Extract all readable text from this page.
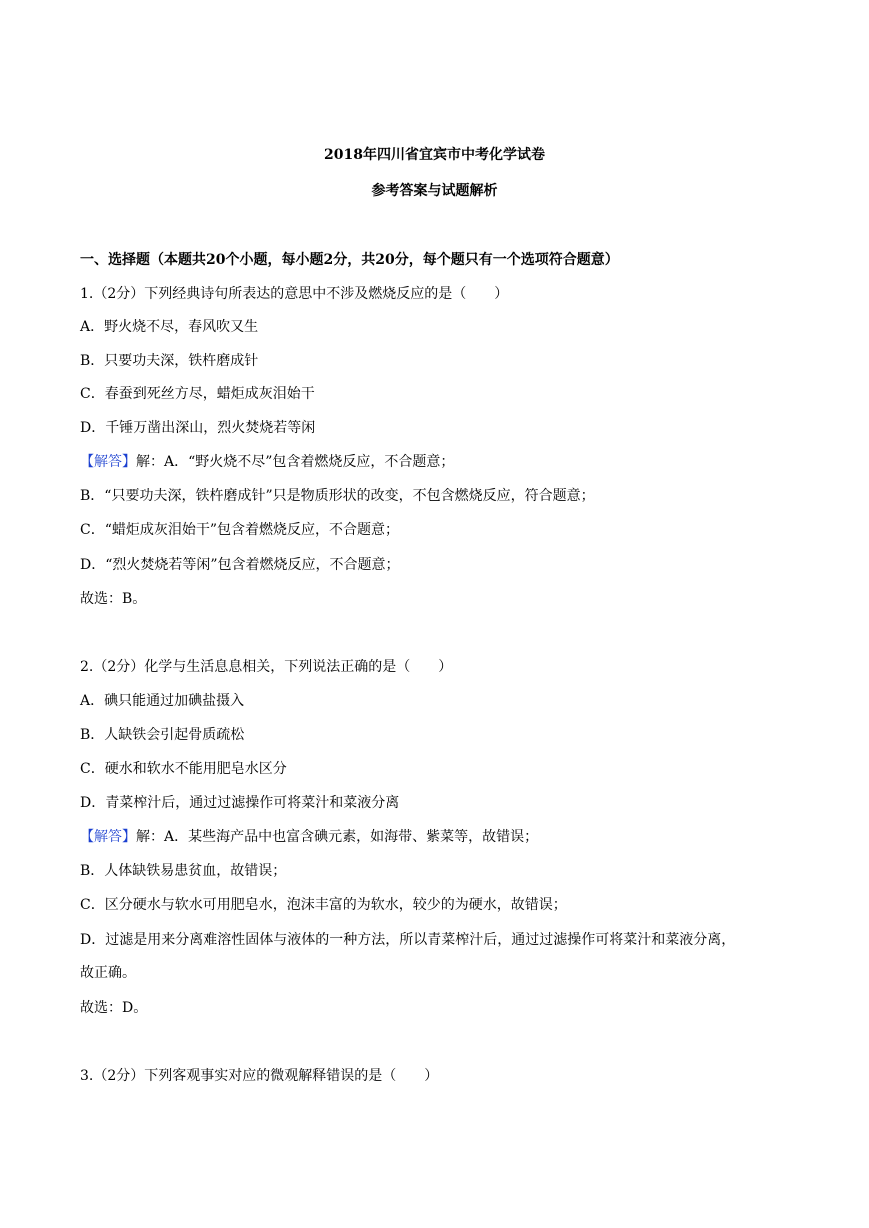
2018年四川省宜宾市中考化学试卷
参考答案与试题解析
一、选择题（本题共20个小题，每小题2分，共20分，每个题只有一个选项符合题意）
1.（2分）下列经典诗句所表达的意思中不涉及燃烧反应的是（　　）
A．野火烧不尽，春风吹又生
B．只要功夫深，铁杵磨成针
C．春蚕到死丝方尽，蜡炬成灰泪始干
D．千锤万凿出深山，烈火焚烧若等闲
【解答】解：A．“野火烧不尽”包含着燃烧反应，不合题意；
B．“只要功夫深，铁杵磨成针”只是物质形状的改变，不包含燃烧反应，符合题意；
C．“蜡炬成灰泪始干”包含着燃烧反应，不合题意；
D．“烈火焚烧若等闲”包含着燃烧反应，不合题意；
故选：B。
2.（2分）化学与生活息息相关，下列说法正确的是（　　）
A．碘只能通过加碘盐摄入
B．人缺铁会引起骨质疏松
C．硬水和软水不能用肥皂水区分
D．青菜榨汁后，通过过滤操作可将菜汁和菜液分离
【解答】解：A．某些海产品中也富含碘元素，如海带、紫菜等，故错误；
B．人体缺铁易患贫血，故错误；
C．区分硬水与软水可用肥皂水，泡沫丰富的为软水，较少的为硬水，故错误；
D．过滤是用来分离难溶性固体与液体的一种方法，所以青菜榨汁后，通过过滤操作可将菜汁和菜液分离，
故正确。
故选：D。
3.（2分）下列客观事实对应的微观解释错误的是（　　）
